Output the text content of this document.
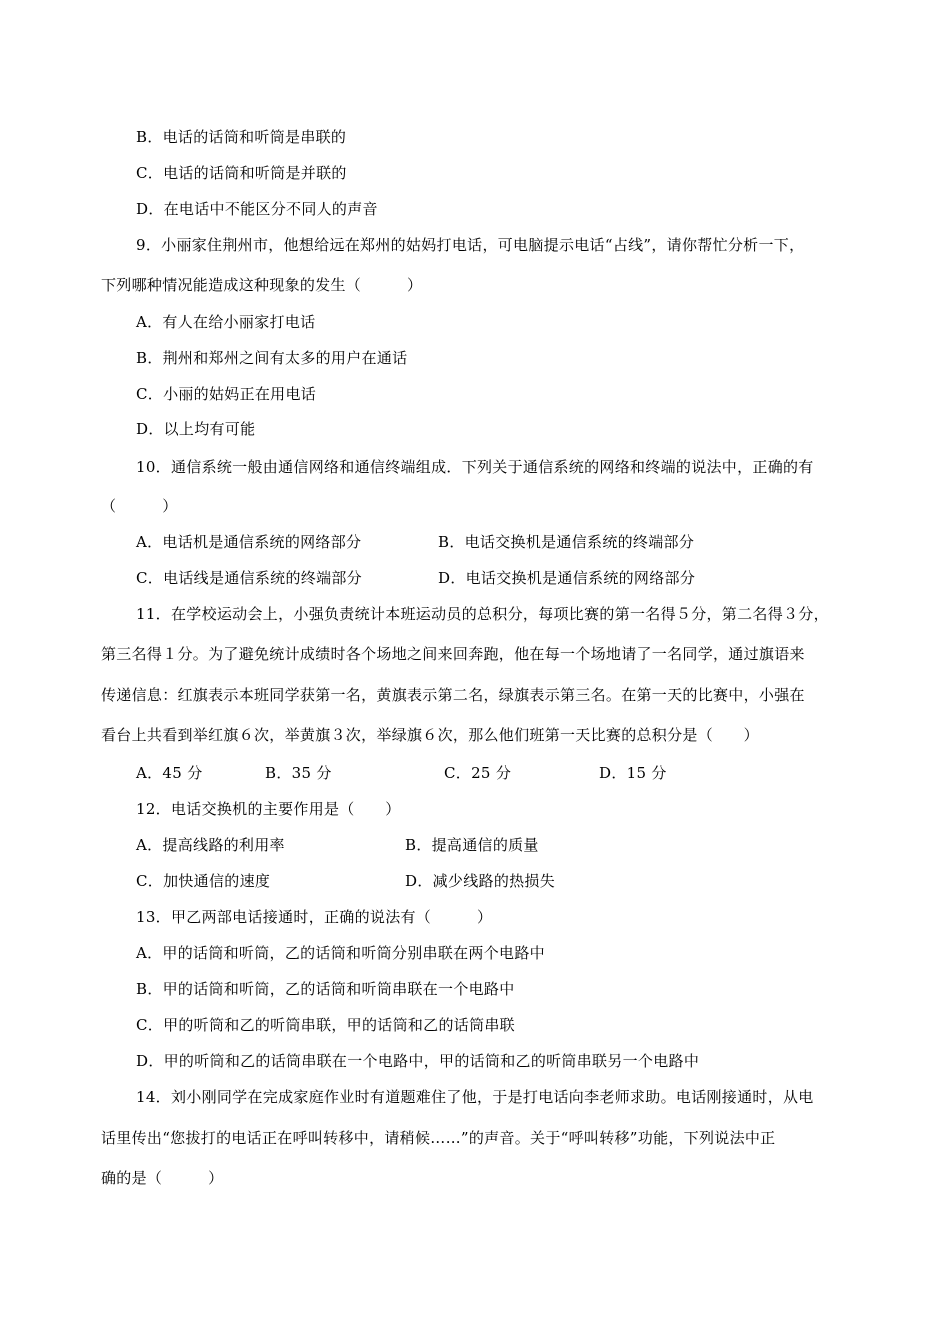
B．电话的话筒和听筒是串联的
C．电话的话筒和听筒是并联的
D．在电话中不能区分不同人的声音
9．小丽家住荆州市，他想给远在郑州的姑妈打电话，可电脑提示电话“占线”，请你帮忙分析一下，
下列哪种情况能造成这种现象的发生（　　　）
A．有人在给小丽家打电话
B．荆州和郑州之间有太多的用户在通话
C．小丽的姑妈正在用电话
D．以上均有可能
10．通信系统一般由通信网络和通信终端组成．下列关于通信系统的网络和终端的说法中，正确的有
（　　　）
A．电话机是通信系统的网络部分	B．电话交换机是通信系统的终端部分
C．电话线是通信系统的终端部分	D．电话交换机是通信系统的网络部分
11．在学校运动会上，小强负责统计本班运动员的总积分，每项比赛的第一名得５分，第二名得３分，
第三名得１分。为了避免统计成绩时各个场地之间来回奔跑，他在每一个场地请了一名同学，通过旗语来
传递信息：红旗表示本班同学获第一名，黄旗表示第二名，绿旗表示第三名。在第一天的比赛中，小强在
看台上共看到举红旗６次，举黄旗３次，举绿旗６次，那么他们班第一天比赛的总积分是（　　）
A．45 分	B．35 分	C．25 分	D．15 分
12．电话交换机的主要作用是（　　）
A．提高线路的利用率	B．提高通信的质量
C．加快通信的速度	D．减少线路的热损失
13．甲乙两部电话接通时，正确的说法有（　　　）
A．甲的话筒和听筒，乙的话筒和听筒分别串联在两个电路中
B．甲的话筒和听筒，乙的话筒和听筒串联在一个电路中
C．甲的听筒和乙的听筒串联，甲的话筒和乙的话筒串联
D．甲的听筒和乙的话筒串联在一个电路中，甲的话筒和乙的听筒串联另一个电路中
14．刘小刚同学在完成家庭作业时有道题难住了他，于是打电话向李老师求助。电话刚接通时，从电
话里传出“您拔打的电话正在呼叫转移中，请稍候……”的声音。关于“呼叫转移”功能，下列说法中正
确的是（　　　）
